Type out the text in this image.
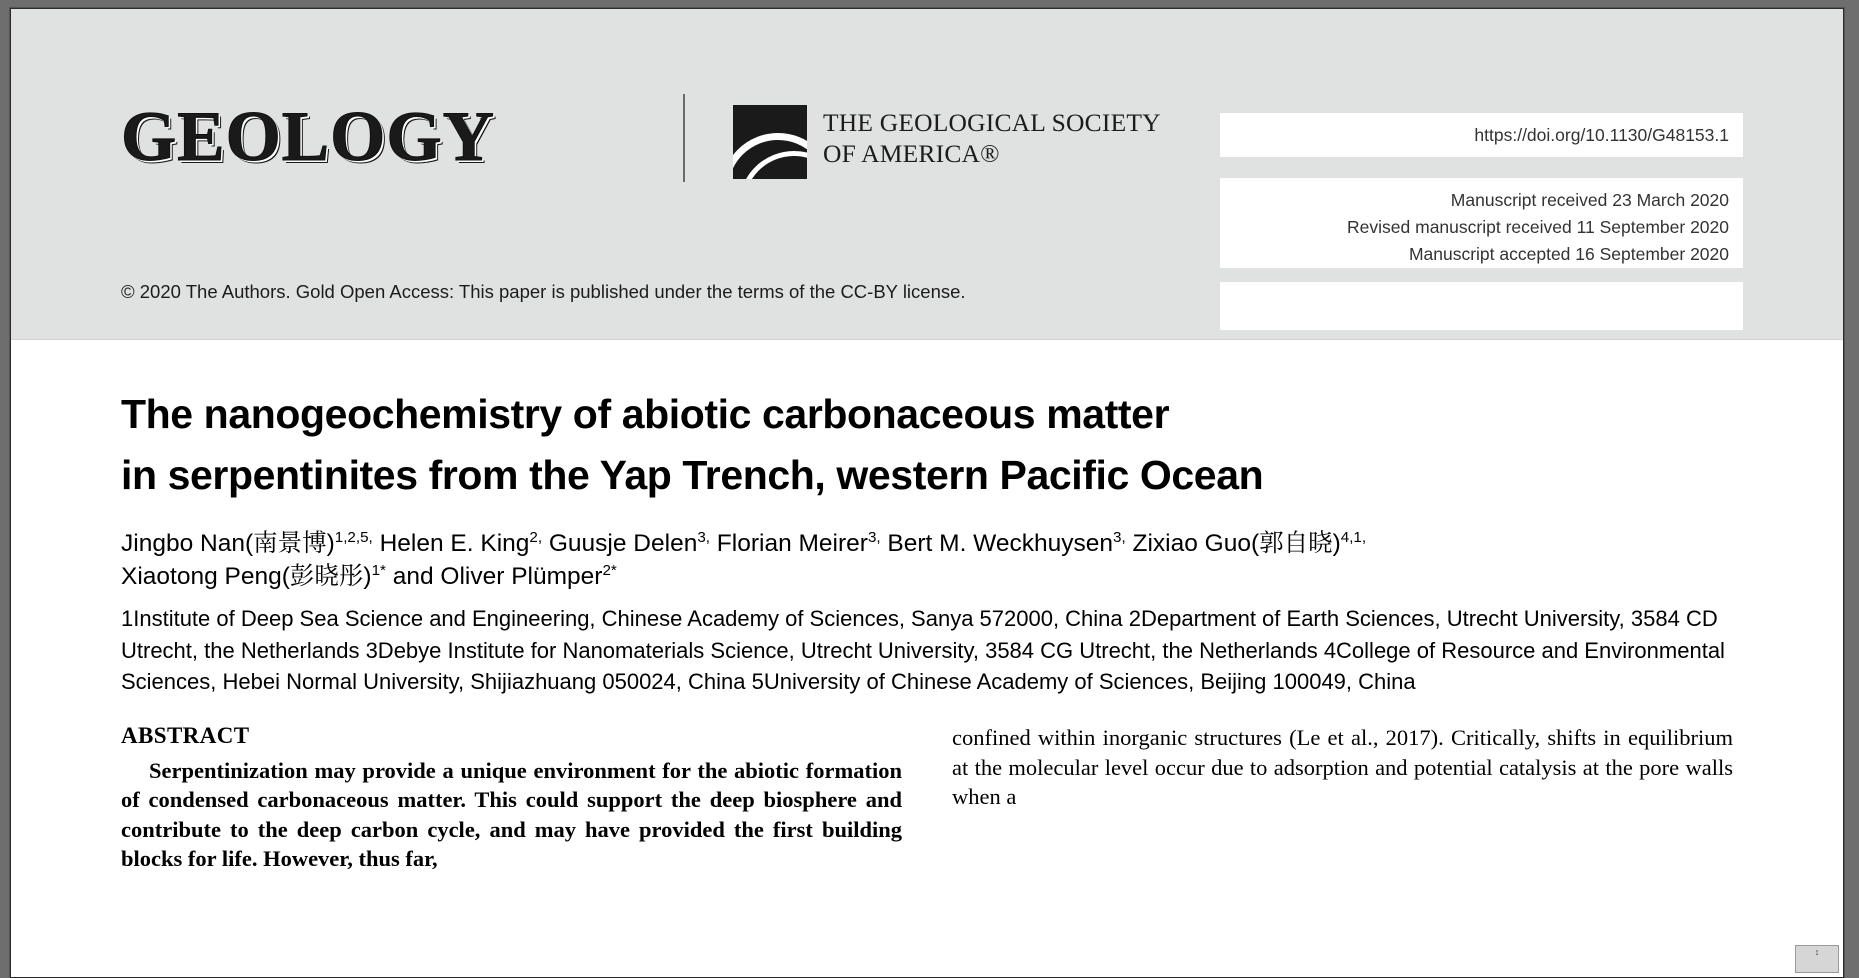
GEOLOGY	THE GEOLOGICAL SOCIETY
OF AMERICA®
https://doi.org/10.1130/G48153.1
Manuscript received 23 March 2020
Revised manuscript received 11 September 2020
Manuscript accepted 16 September 2020
© 2020 The Authors. Gold Open Access: This paper is published under the terms of the CC-BY license.
The nanogeochemistry of abiotic carbonaceous matter
in serpentinites from the Yap Trench, western Pacific Ocean
Jingbo Nan(南景博)$^{1,2,5,}$ Helen E. King$^{2,}$ Guusje Delen$^{3,}$ Florian Meirer$^{3,}$ Bert M. Weckhuysen$^{3,}$ Zixiao Guo(郭自晓)$^{4,1,}$
Xiaotong Peng(彭晓彤)$^{1*}$ and Oliver Plümper$^{2*}$
1Institute of Deep Sea Science and Engineering, Chinese Academy of Sciences, Sanya 572000, China 2Department of Earth Sciences, Utrecht University, 3584 CD Utrecht, the Netherlands 3Debye Institute for Nanomaterials Science, Utrecht University, 3584 CG Utrecht, the Netherlands 4College of Resource and Environmental Sciences, Hebei Normal University, Shijiazhuang 050024, China 5University of Chinese Academy of Sciences, Beijing 100049, China
ABSTRACT
Serpentinization may provide a unique environment for the abiotic formation of condensed carbonaceous matter. This could support the deep biosphere and contribute to the deep carbon cycle, and may have provided the first building blocks for life. However, thus far,
confined within inorganic structures (Le et al., 2017). Critically, shifts in equilibrium at the molecular level occur due to adsorption and potential catalysis at the pore walls when a
↕
